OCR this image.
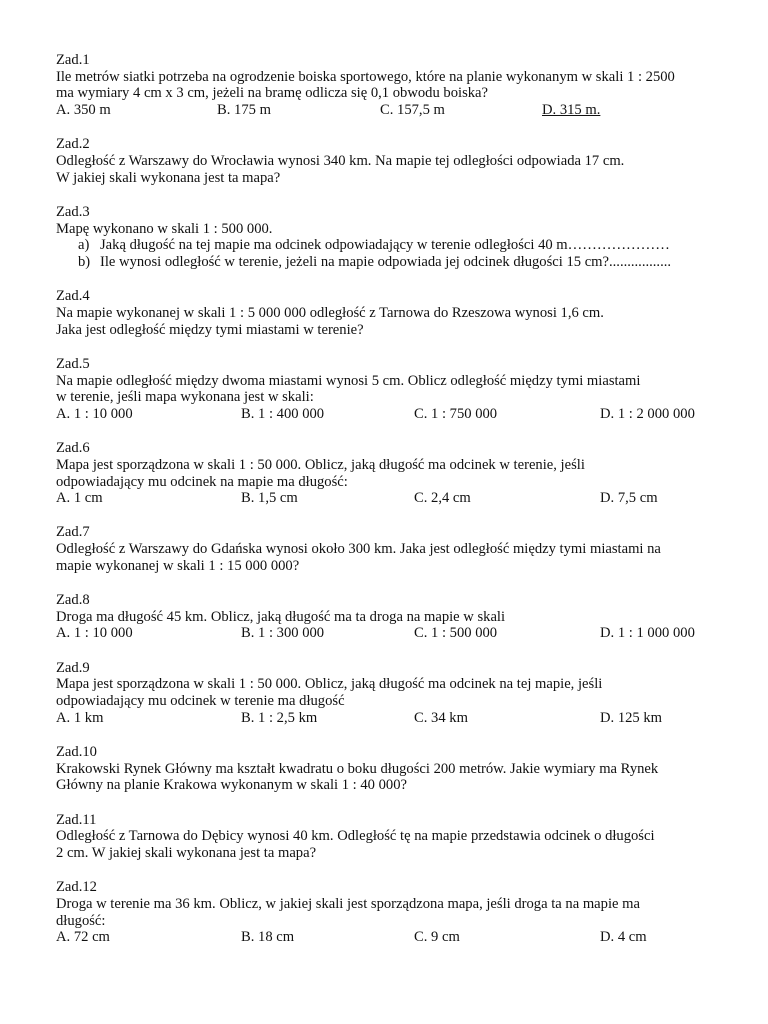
Zad.1
Ile metrów siatki potrzeba na ogrodzenie boiska sportowego, które na planie wykonanym w skali 1 : 2500
ma wymiary 4 cm x 3 cm, jeżeli na bramę odlicza się 0,1 obwodu boiska?
A. 350 m	B. 175 m	C. 157,5 m	D. 315 m.
Zad.2
Odległość z Warszawy do Wrocławia wynosi 340 km. Na mapie tej odległości odpowiada 17 cm.
W jakiej skali wykonana jest ta mapa?
Zad.3
Mapę wykonano w skali 1 : 500 000.
a) Jaką długość na tej mapie ma odcinek odpowiadający w terenie odległości 40 m…………………
b) Ile wynosi odległość w terenie, jeżeli na mapie odpowiada jej odcinek długości 15 cm?.................
Zad.4
Na mapie wykonanej w skali 1 : 5 000 000 odległość z Tarnowa do Rzeszowa wynosi 1,6 cm.
Jaka jest odległość między tymi miastami w terenie?
Zad.5
Na mapie odległość między dwoma miastami wynosi 5 cm. Oblicz odległość między tymi miastami
w terenie, jeśli mapa wykonana jest w skali:
A. 1 : 10 000	B. 1 : 400 000	C. 1 : 750 000	D. 1 : 2 000 000
Zad.6
Mapa jest sporządzona w skali 1 : 50 000. Oblicz, jaką długość ma odcinek w terenie, jeśli
odpowiadający mu odcinek na mapie ma długość:
A. 1 cm	B. 1,5 cm	C. 2,4 cm	D. 7,5 cm
Zad.7
Odległość z Warszawy do Gdańska wynosi około 300 km. Jaka jest odległość między tymi miastami na
mapie wykonanej w skali 1 : 15 000 000?
Zad.8
Droga ma długość 45 km. Oblicz, jaką długość ma ta droga na mapie w skali
A. 1 : 10 000	B. 1 : 300 000	C. 1 : 500 000	D. 1 : 1 000 000
Zad.9
Mapa jest sporządzona w skali 1 : 50 000. Oblicz, jaką długość ma odcinek na tej mapie, jeśli
odpowiadający mu odcinek w terenie ma długość
A. 1 km	B. 1 : 2,5 km	C. 34 km	D. 125 km
Zad.10
Krakowski Rynek Główny ma kształt kwadratu o boku długości 200 metrów. Jakie wymiary ma Rynek
Główny na planie Krakowa wykonanym w skali 1 : 40 000?
Zad.11
Odległość z Tarnowa do Dębicy wynosi 40 km. Odległość tę na mapie przedstawia odcinek o długości
2 cm. W jakiej skali wykonana jest ta mapa?
Zad.12
Droga w terenie ma 36 km. Oblicz, w jakiej skali jest sporządzona mapa, jeśli droga ta na mapie ma
długość:
A. 72 cm	B. 18 cm	C. 9 cm	D. 4 cm
